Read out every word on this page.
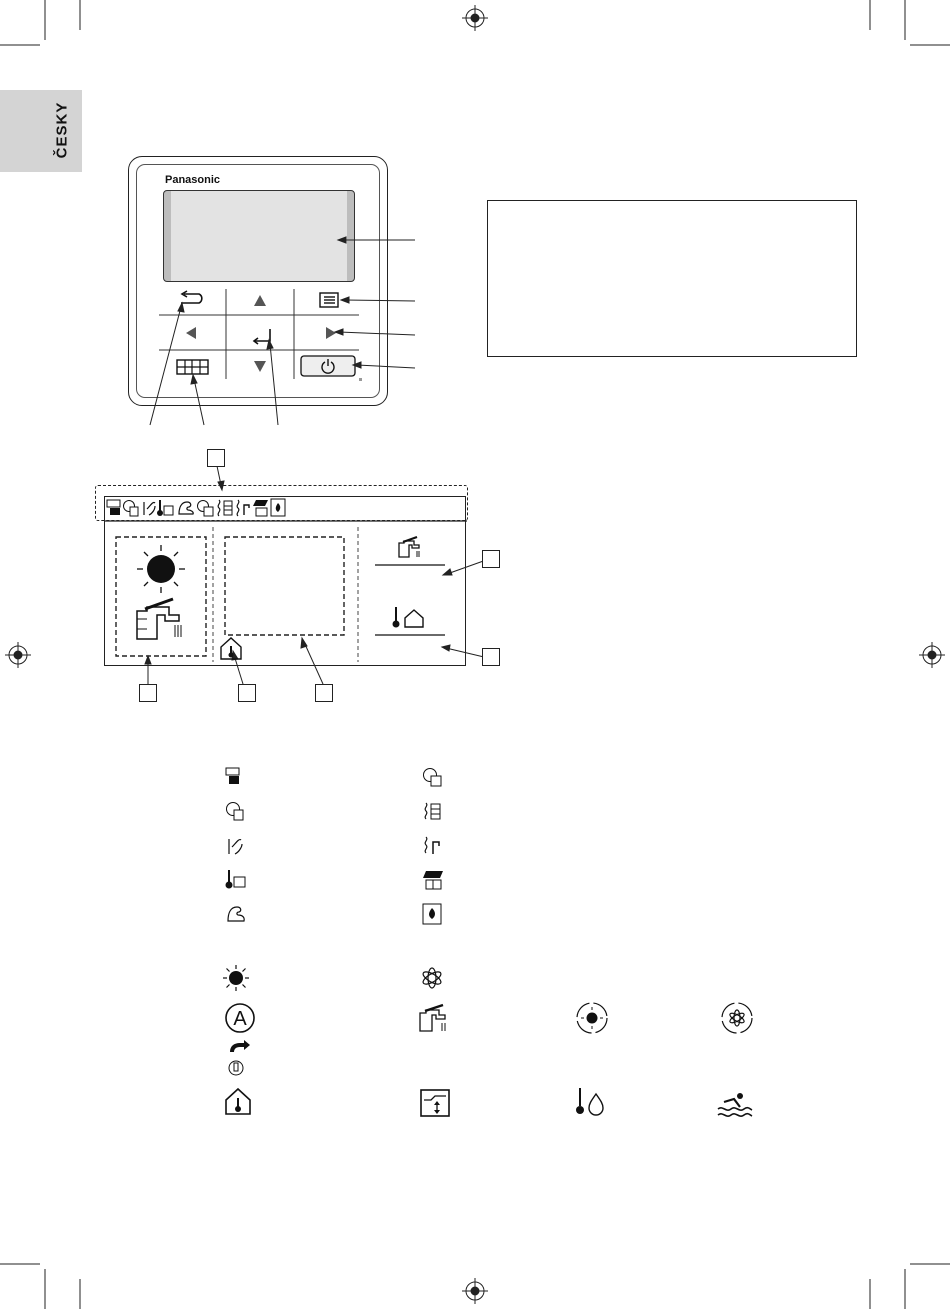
ČESKY
Panasonic
A
